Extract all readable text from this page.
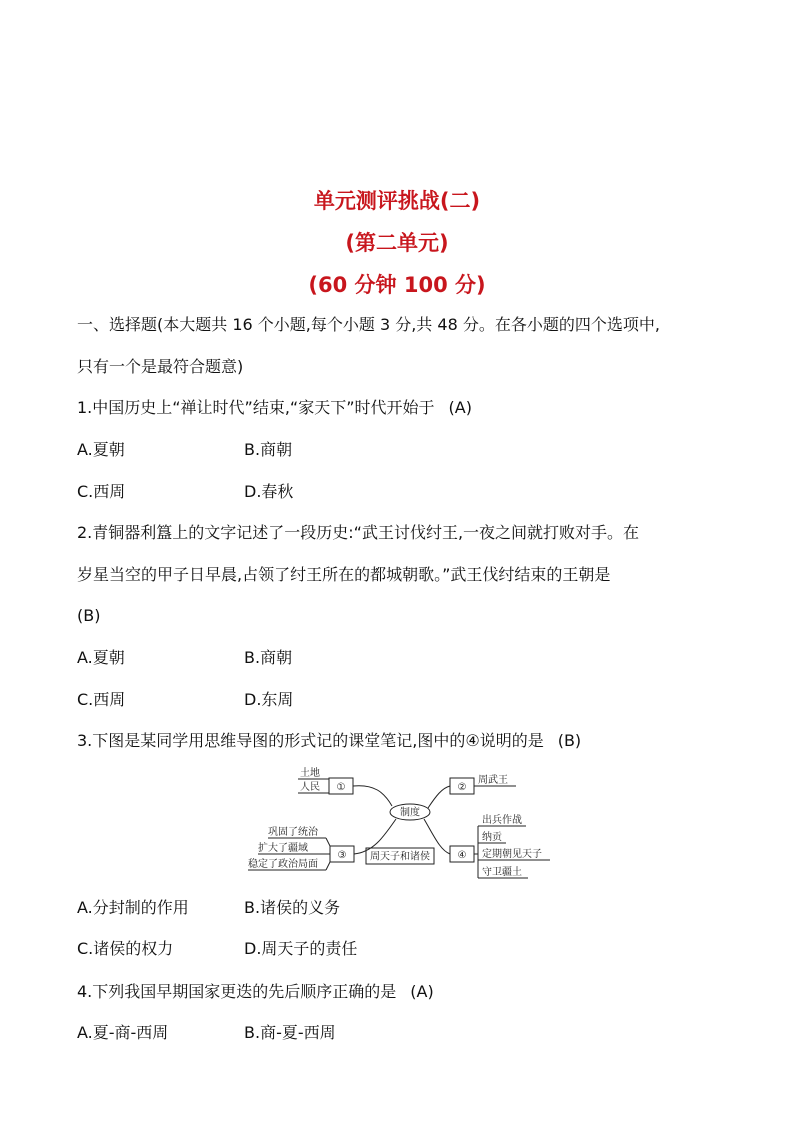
单元测评挑战(二)
(第二单元)
(60 分钟 100 分)
一、选择题(本大题共 16 个小题,每个小题 3 分,共 48 分。在各小题的四个选项中,
只有一个是最符合题意)
1.中国历史上“禅让时代”结束,“家天下”时代开始于 (A)
A.夏朝	B.商朝
C.西周	D.春秋
2.青铜器利簋上的文字记述了一段历史:“武王讨伐纣王,一夜之间就打败对手。在
岁星当空的甲子日早晨,占领了纣王所在的都城朝歌。”武王伐纣结束的王朝是
(B)
A.夏朝	B.商朝
C.西周	D.东周
3.下图是某同学用思维导图的形式记的课堂笔记,图中的④说明的是 (B)
制度
①
土地
人民	②
周武王
③
巩固了统治
扩大了疆域
稳定了政治局面
周天子和诸侯	④
出兵作战
纳贡
定期朝见天子
守卫疆土
A.分封制的作用	B.诸侯的义务
C.诸侯的权力	D.周天子的责任
4.下列我国早期国家更迭的先后顺序正确的是 (A)
A.夏-商-西周	B.商-夏-西周
